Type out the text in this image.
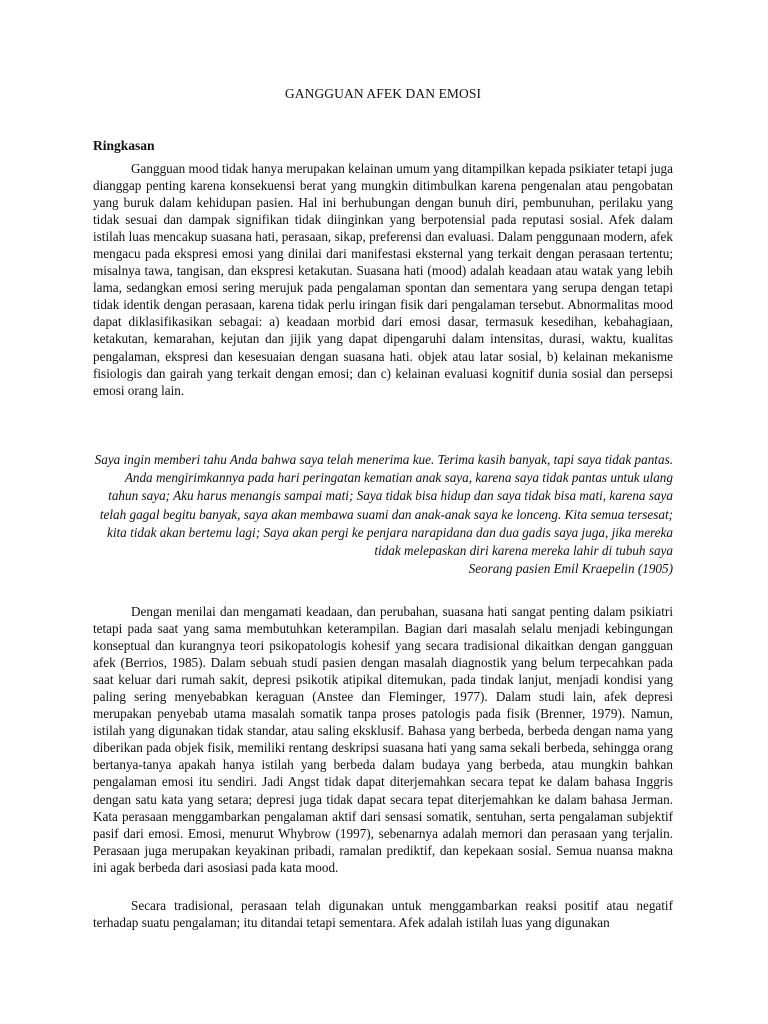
GANGGUAN AFEK DAN EMOSI
Ringkasan

Gangguan mood tidak hanya merupakan kelainan umum yang ditampilkan kepada psikiater tetapi juga dianggap penting karena konsekuensi berat yang mungkin ditimbulkan karena pengenalan atau pengobatan yang buruk dalam kehidupan pasien. Hal ini berhubungan dengan bunuh diri, pembunuhan, perilaku yang tidak sesuai dan dampak signifikan tidak diinginkan yang berpotensial pada reputasi sosial. Afek dalam istilah luas mencakup suasana hati, perasaan, sikap, preferensi dan evaluasi. Dalam penggunaan modern, afek mengacu pada ekspresi emosi yang dinilai dari manifestasi eksternal yang terkait dengan perasaan tertentu; misalnya tawa, tangisan, dan ekspresi ketakutan. Suasana hati (mood) adalah keadaan atau watak yang lebih lama, sedangkan emosi sering merujuk pada pengalaman spontan dan sementara yang serupa dengan tetapi tidak identik dengan perasaan, karena tidak perlu iringan fisik dari pengalaman tersebut. Abnormalitas mood dapat diklasifikasikan sebagai: a) keadaan morbid dari emosi dasar, termasuk kesedihan, kebahagiaan, ketakutan, kemarahan, kejutan dan jijik yang dapat dipengaruhi dalam intensitas, durasi, waktu, kualitas pengalaman, ekspresi dan kesesuaian dengan suasana hati. objek atau latar sosial, b) kelainan mekanisme fisiologis dan gairah yang terkait dengan emosi; dan c) kelainan evaluasi kognitif dunia sosial dan persepsi emosi orang lain.

Saya ingin memberi tahu Anda bahwa saya telah menerima kue. Terima kasih banyak, tapi saya tidak pantas. Anda mengirimkannya pada hari peringatan kematian anak saya, karena saya tidak pantas untuk ulang tahun saya; Aku harus menangis sampai mati; Saya tidak bisa hidup dan saya tidak bisa mati, karena saya telah gagal begitu banyak, saya akan membawa suami dan anak-anak saya ke lonceng. Kita semua tersesat; kita tidak akan bertemu lagi; Saya akan pergi ke penjara narapidana dan dua gadis saya juga, jika mereka tidak melepaskan diri karena mereka lahir di tubuh saya
Seorang pasien Emil Kraepelin (1905)

Dengan menilai dan mengamati keadaan, dan perubahan, suasana hati sangat penting dalam psikiatri tetapi pada saat yang sama membutuhkan keterampilan. Bagian dari masalah selalu menjadi kebingungan konseptual dan kurangnya teori psikopatologis kohesif yang secara tradisional dikaitkan dengan gangguan afek (Berrios, 1985). Dalam sebuah studi pasien dengan masalah diagnostik yang belum terpecahkan pada saat keluar dari rumah sakit, depresi psikotik atipikal ditemukan, pada tindak lanjut, menjadi kondisi yang paling sering menyebabkan keraguan (Anstee dan Fleminger, 1977). Dalam studi lain, afek depresi merupakan penyebab utama masalah somatik tanpa proses patologis pada fisik (Brenner, 1979). Namun, istilah yang digunakan tidak standar, atau saling eksklusif. Bahasa yang berbeda, berbeda dengan nama yang diberikan pada objek fisik, memiliki rentang deskripsi suasana hati yang sama sekali berbeda, sehingga orang bertanya-tanya apakah hanya istilah yang berbeda dalam budaya yang berbeda, atau mungkin bahkan pengalaman emosi itu sendiri. Jadi Angst tidak dapat diterjemahkan secara tepat ke dalam bahasa Inggris dengan satu kata yang setara; depresi juga tidak dapat secara tepat diterjemahkan ke dalam bahasa Jerman. Kata perasaan menggambarkan pengalaman aktif dari sensasi somatik, sentuhan, serta pengalaman subjektif pasif dari emosi. Emosi, menurut Whybrow (1997), sebenarnya adalah memori dan perasaan yang terjalin. Perasaan juga merupakan keyakinan pribadi, ramalan prediktif, dan kepekaan sosial. Semua nuansa makna ini agak berbeda dari asosiasi pada kata mood.

Secara tradisional, perasaan telah digunakan untuk menggambarkan reaksi positif atau negatif terhadap suatu pengalaman; itu ditandai tetapi sementara. Afek adalah istilah luas yang digunakan
